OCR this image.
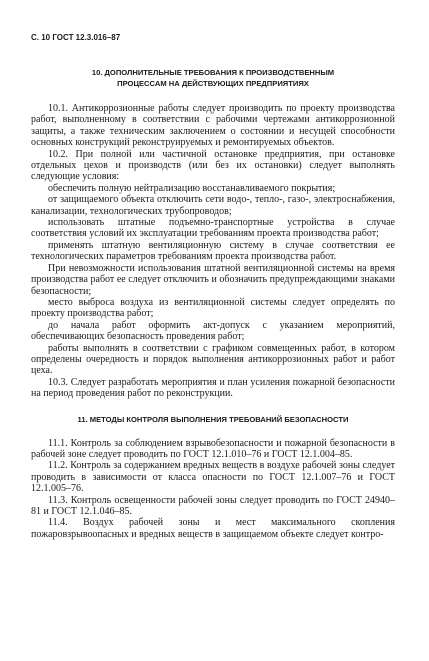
С. 10 ГОСТ 12.3.016–87
10. ДОПОЛНИТЕЛЬНЫЕ ТРЕБОВАНИЯ К ПРОИЗВОДСТВЕННЫМ
ПРОЦЕССАМ НА ДЕЙСТВУЮЩИХ ПРЕДПРИЯТИЯХ

10.1. Антикоррозионные работы следует производить по проекту производства работ, выполненному в соответствии с рабочими чертежами антикоррозионной защиты, а также техническим заключением о состоянии и несущей способности основных конструкций реконструируемых и ремонтируемых объектов.

10.2. При полной или частичной остановке предприятия, при остановке отдельных цехов и производств (или без их остановки) следует выполнять следующие условия:

обеспечить полную нейтрализацию восстанавливаемого покрытия;

от защищаемого объекта отключить сети водо-, тепло-, газо-, электроснабжения, канализации, технологических трубопроводов;

использовать штатные подъемно-транспортные устройства в случае соответствия условий их эксплуатации требованиям проекта производства работ;

применять штатную вентиляционную систему в случае соответствия ее технологических параметров требованиям проекта производства работ.

При невозможности использования штатной вентиляционной системы на время производства работ ее следует отключить и обозначить предупреждающими знаками безопасности;

место выброса воздуха из вентиляционной системы следует определять по проекту производства работ;

до начала работ оформить акт-допуск с указанием мероприятий, обеспечивающих безопасность проведения работ;

работы выполнять в соответствии с графиком совмещенных работ, в котором определены очередность и порядок выполнения антикоррозионных работ и работ цеха.

10.3. Следует разработать мероприятия и план усиления пожарной безопасности на период проведения работ по реконструкции.

11. МЕТОДЫ КОНТРОЛЯ ВЫПОЛНЕНИЯ ТРЕБОВАНИЙ БЕЗОПАСНОСТИ

11.1. Контроль за соблюдением взрывобезопасности и пожарной безопасности в рабочей зоне следует проводить по ГОСТ 12.1.010–76 и ГОСТ 12.1.004–85.

11.2. Контроль за содержанием вредных веществ в воздухе рабочей зоны следует проводить в зависимости от класса опасности по ГОСТ 12.1.007–76 и ГОСТ 12.1.005–76.

11.3. Контроль освещенности рабочей зоны следует проводить по ГОСТ 24940–81 и ГОСТ 12.1.046–85.

11.4. Воздух рабочей зоны и мест максимального скопления пожаровзрывоопасных и вредных веществ в защищаемом объекте следует контро-
